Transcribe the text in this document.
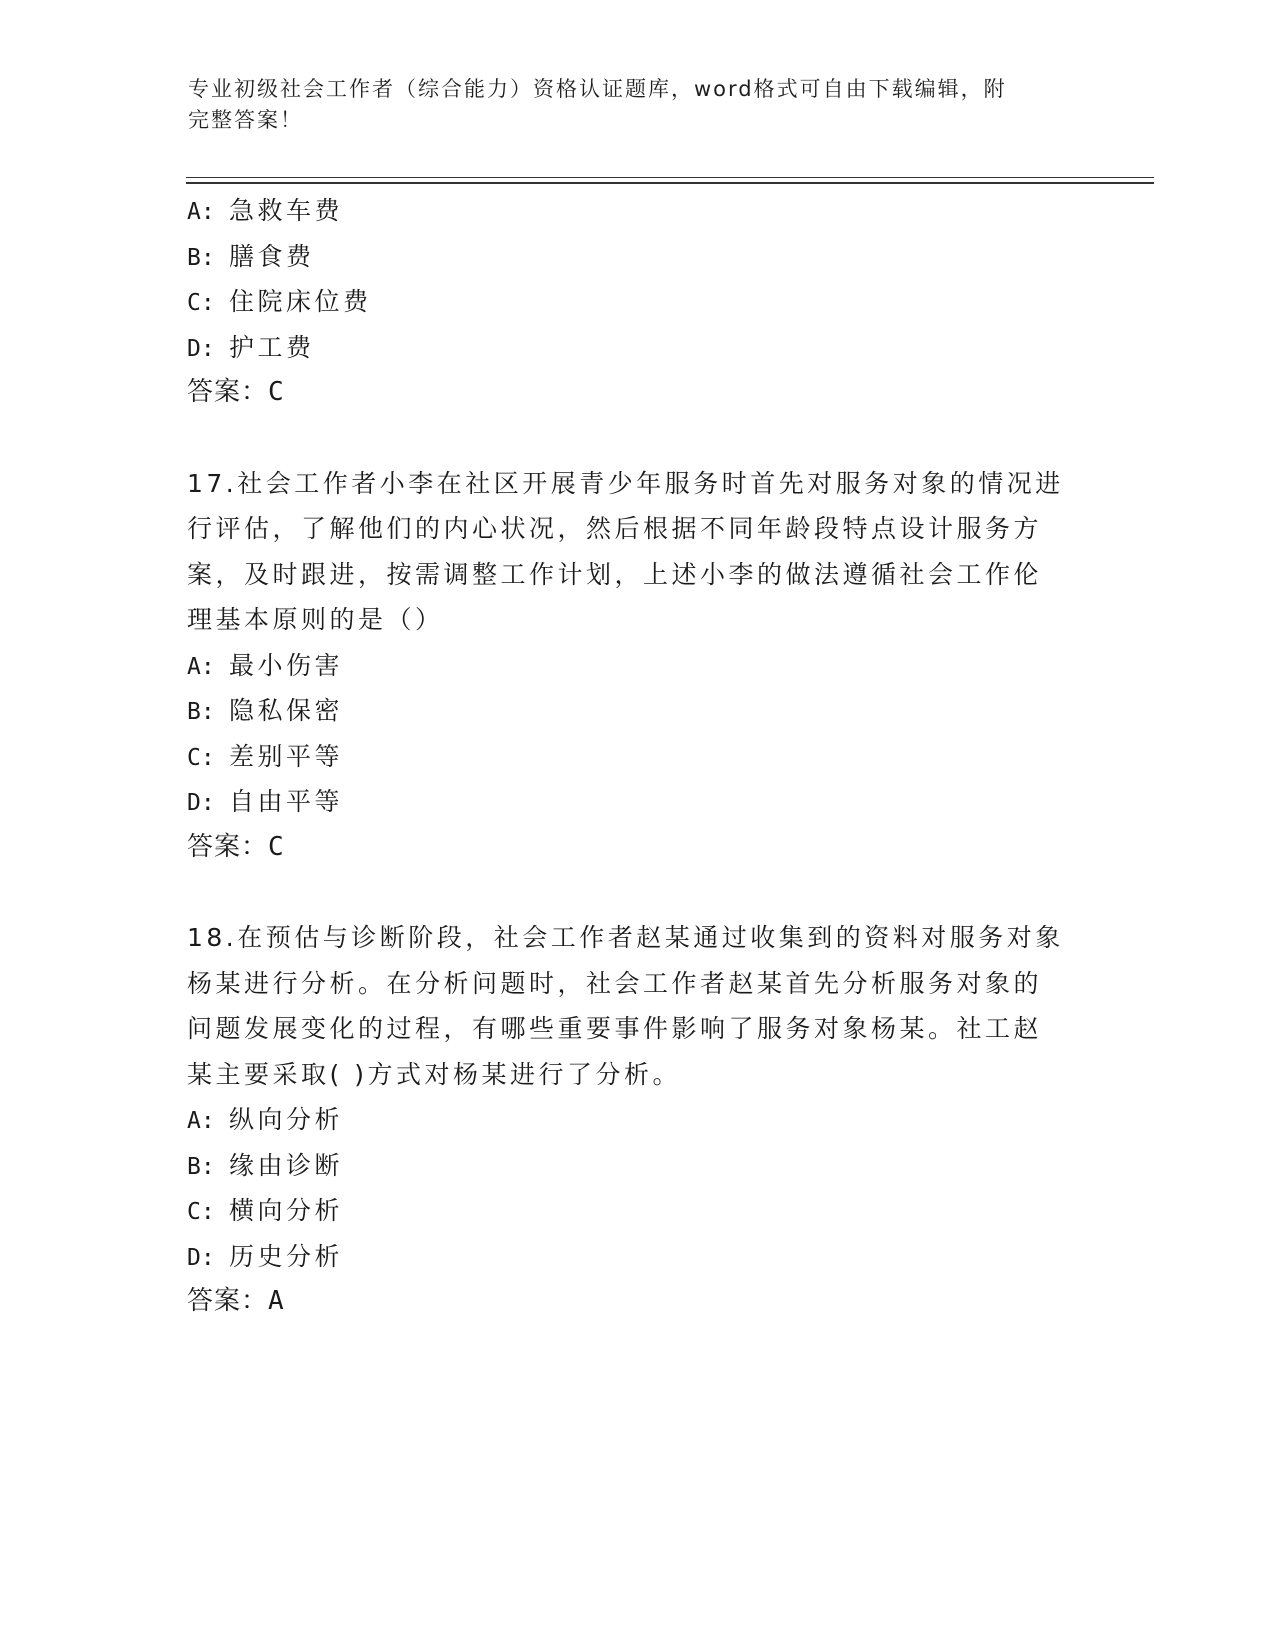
专业初级社会工作者（综合能力）资格认证题库，word格式可自由下载编辑，附
完整答案！
A: 急救车费
B: 膳食费
C: 住院床位费
D: 护工费
答案：C
17.社会工作者小李在社区开展青少年服务时首先对服务对象的情况进
行评估，了解他们的内心状况，然后根据不同年龄段特点设计服务方
案，及时跟进，按需调整工作计划，上述小李的做法遵循社会工作伦
理基本原则的是（）
A: 最小伤害
B: 隐私保密
C: 差别平等
D: 自由平等
答案：C
18.在预估与诊断阶段，社会工作者赵某通过收集到的资料对服务对象
杨某进行分析。在分析问题时，社会工作者赵某首先分析服务对象的
问题发展变化的过程，有哪些重要事件影响了服务对象杨某。社工赵
某主要采取( )方式对杨某进行了分析。
A: 纵向分析
B: 缘由诊断
C: 横向分析
D: 历史分析
答案：A
